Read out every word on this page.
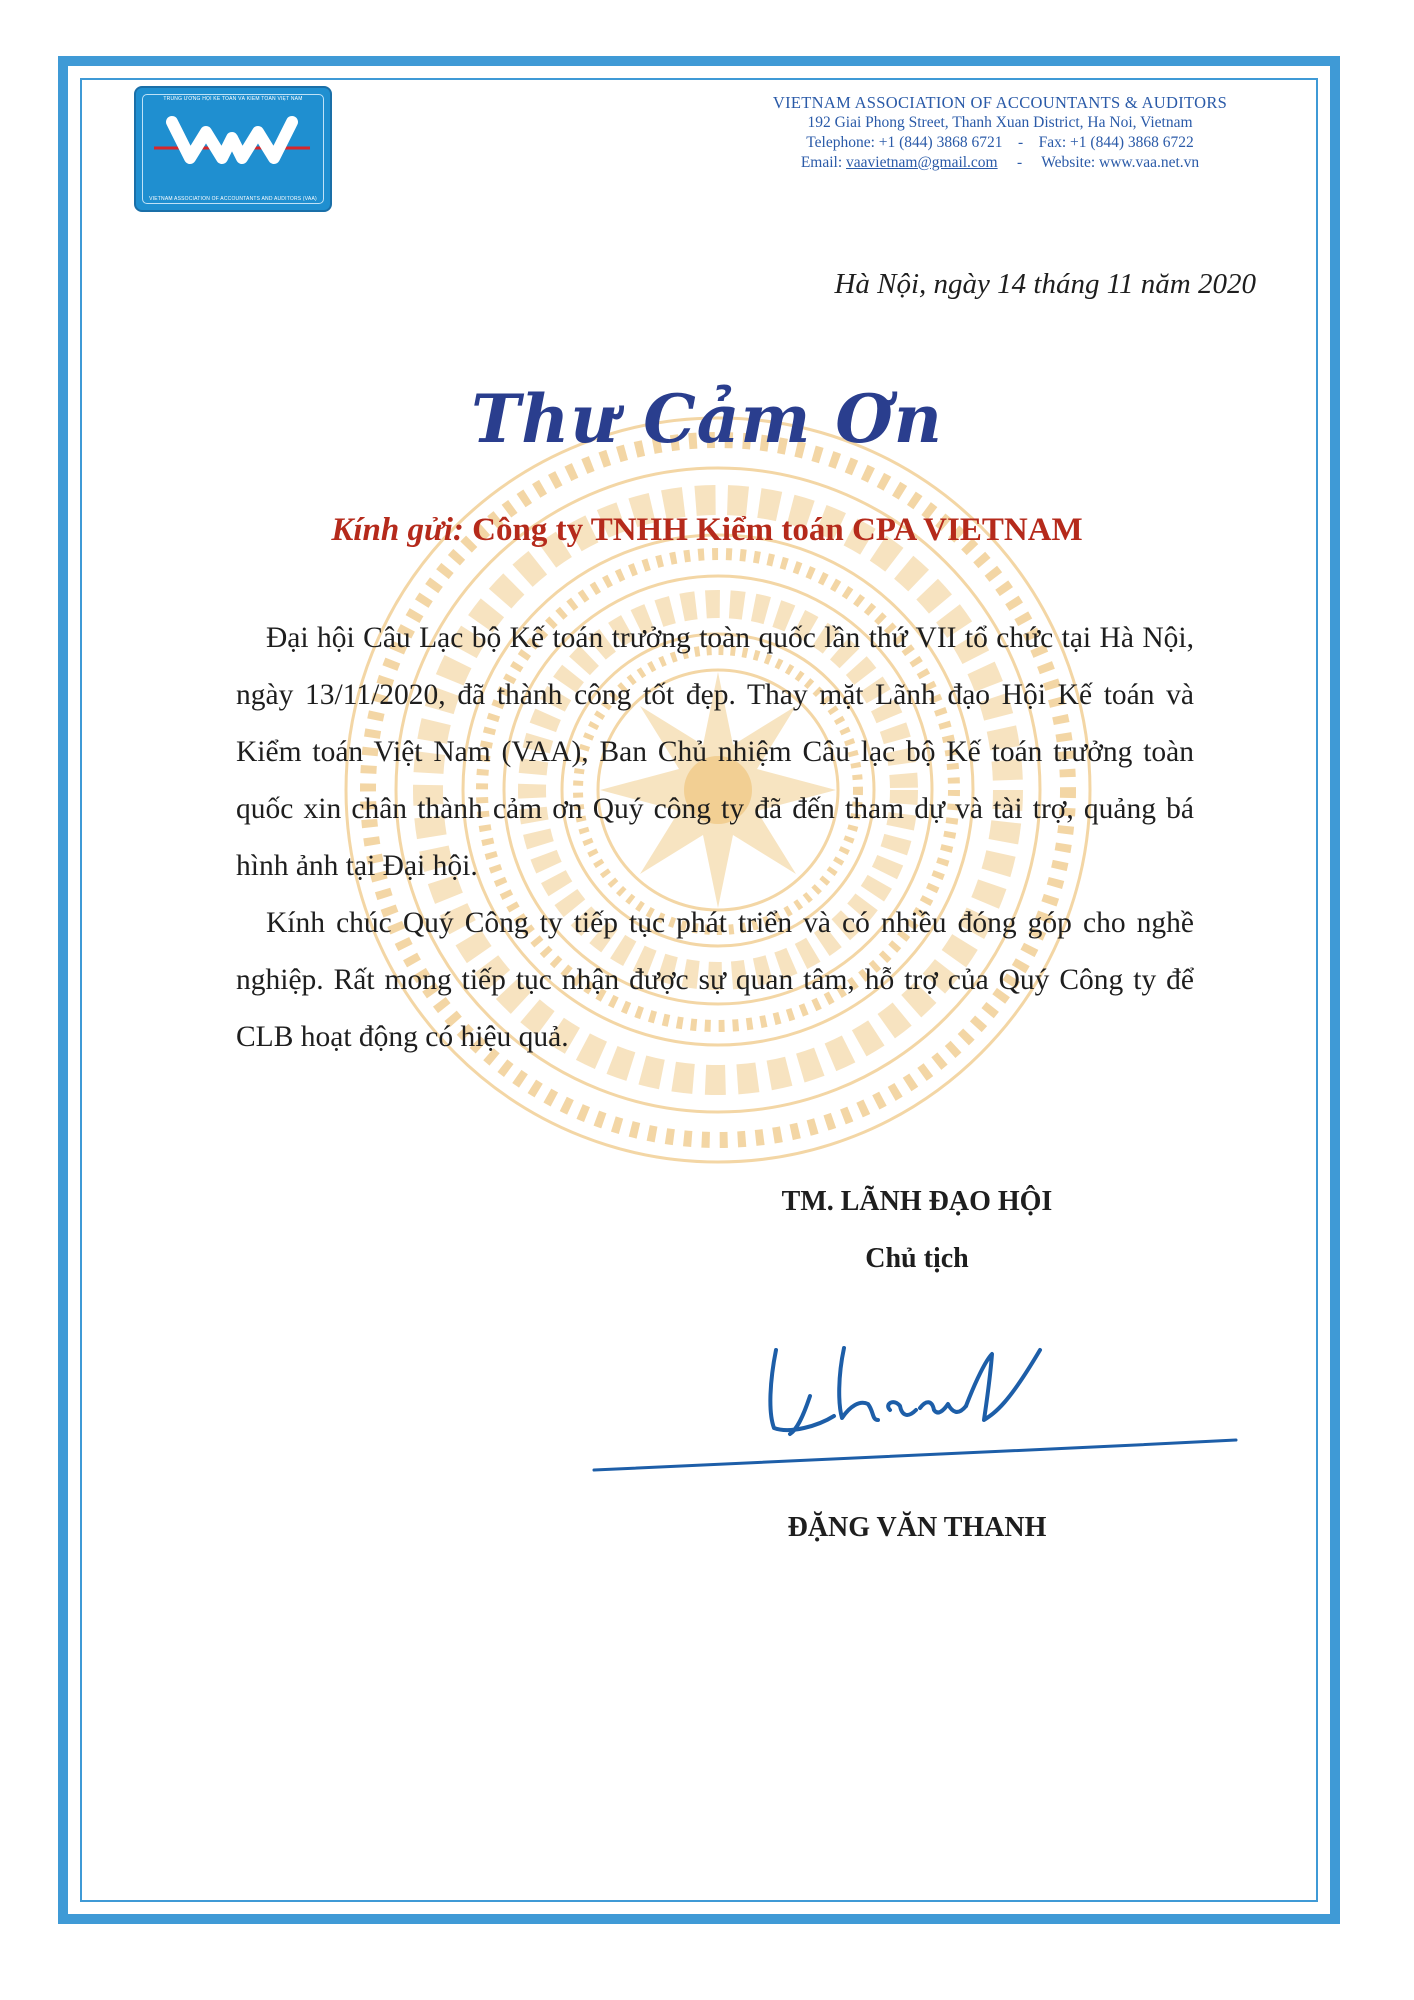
TRUNG ƯƠNG HỘI KẾ TOÁN VÀ KIỂM TOÁN VIỆT NAM
VIETNAM ASSOCIATION OF ACCOUNTANTS AND AUDITORS (VAA)
VIETNAM ASSOCIATION OF ACCOUNTANTS & AUDITORS
192 Giai Phong Street, Thanh Xuan District, Ha Noi, Vietnam
Telephone: +1 (844) 3868 6721 - Fax: +1 (844) 3868 6722
Email: vaavietnam@gmail.com - Website: www.vaa.net.vn
Hà Nội, ngày 14 tháng 11 năm 2020
Thư Cảm Ơn
Kính gửi: Công ty TNHH Kiểm toán CPA VIETNAM

Đại hội Câu Lạc bộ Kế toán trưởng toàn quốc lần thứ VII tổ chức tại Hà Nội, ngày 13/11/2020, đã thành công tốt đẹp. Thay mặt Lãnh đạo Hội Kế toán và Kiểm toán Việt Nam (VAA), Ban Chủ nhiệm Câu lạc bộ Kế toán trưởng toàn quốc xin chân thành cảm ơn Quý công ty đã đến tham dự và tài trợ, quảng bá hình ảnh tại Đại hội.

Kính chúc Quý Công ty tiếp tục phát triển và có nhiều đóng góp cho nghề nghiệp. Rất mong tiếp tục nhận được sự quan tâm, hỗ trợ của Quý Công ty để CLB hoạt động có hiệu quả.

TM. LÃNH ĐẠO HỘI
Chủ tịch
ĐẶNG VĂN THANH
